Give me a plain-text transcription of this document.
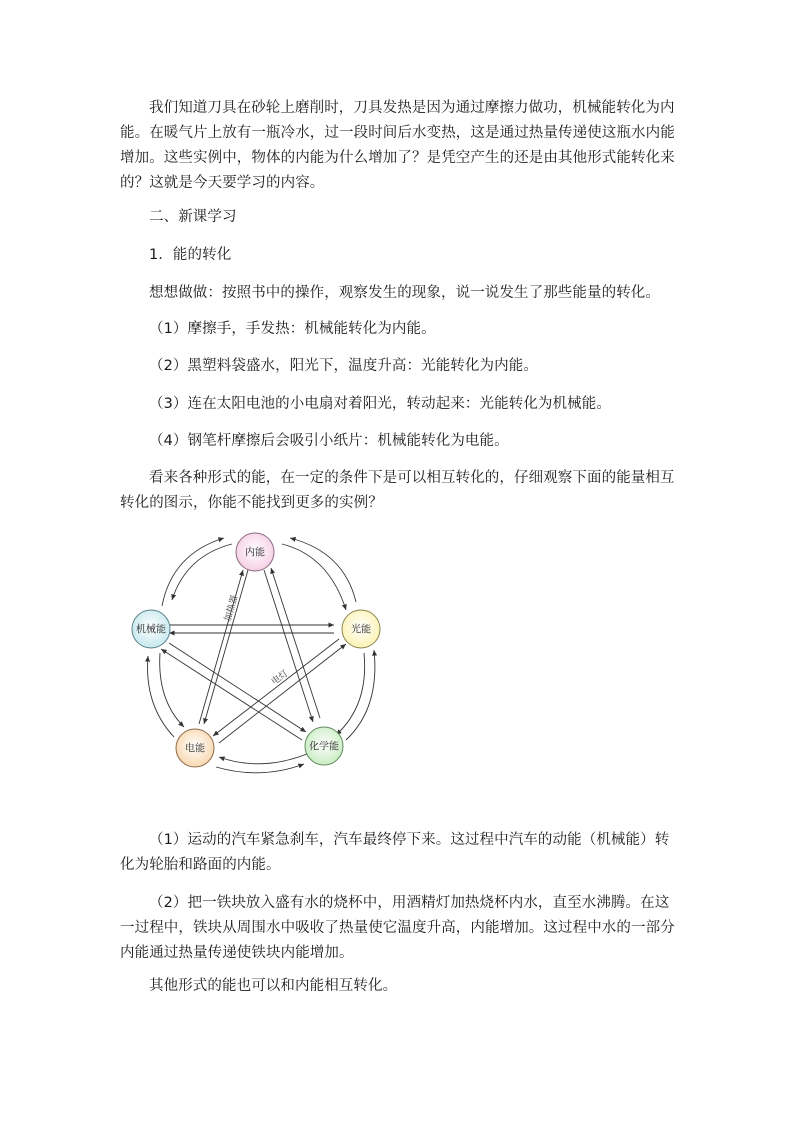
我们知道刀具在砂轮上磨削时，刀具发热是因为通过摩擦力做功，机械能转化为内能。在暖气片上放有一瓶冷水，过一段时间后水变热，这是通过热量传递使这瓶水内能增加。这些实例中，物体的内能为什么增加了？是凭空产生的还是由其他形式能转化来的？这就是今天要学习的内容。

二、新课学习

1．能的转化

想想做做：按照书中的操作，观察发生的现象，说一说发生了那些能量的转化。

（1）摩擦手，手发热：机械能转化为内能。

（2）黑塑料袋盛水，阳光下，温度升高：光能转化为内能。

（3）连在太阳电池的小电扇对着阳光，转动起来：光能转化为机械能。

（4）钢笔杆摩擦后会吸引小纸片：机械能转化为电能。

看来各种形式的能，在一定的条件下是可以相互转化的，仔细观察下面的能量相互转化的图示，你能不能找到更多的实例？

加热器
电灯
内能
光能
化学能
电能
机械能

（1）运动的汽车紧急刹车，汽车最终停下来。这过程中汽车的动能（机械能）转化为轮胎和路面的内能。

（2）把一铁块放入盛有水的烧杯中，用酒精灯加热烧杯内水，直至水沸腾。在这一过程中，铁块从周围水中吸收了热量使它温度升高，内能增加。这过程中水的一部分内能通过热量传递使铁块内能增加。

其他形式的能也可以和内能相互转化。
